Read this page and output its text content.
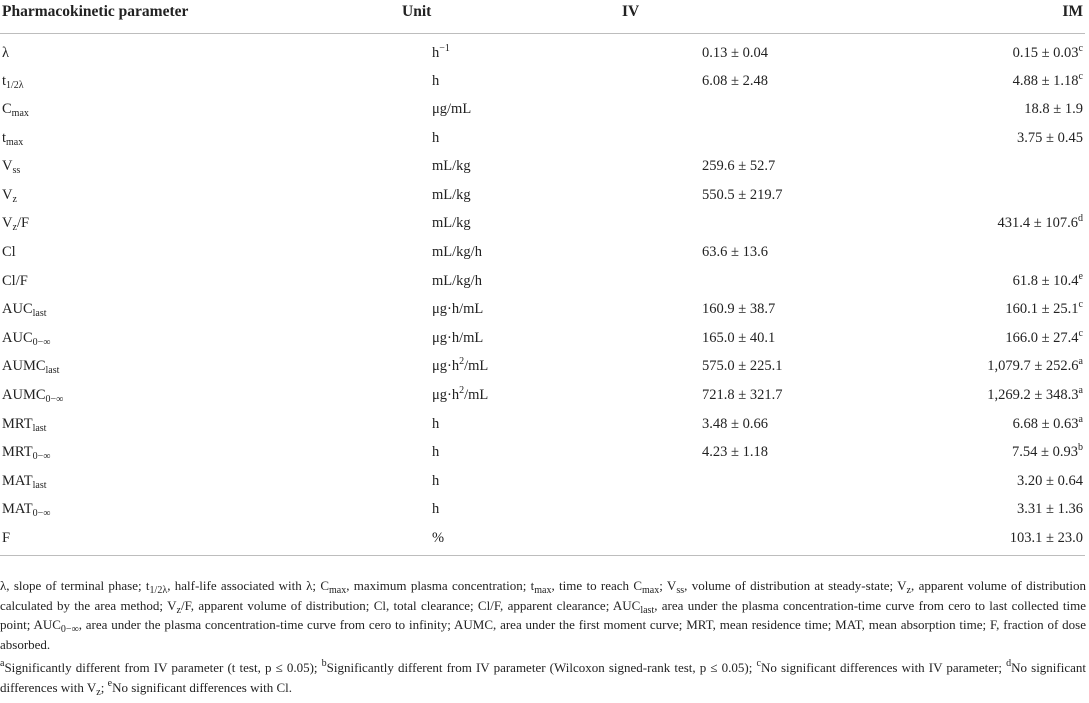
Pharmacokinetic parameter	Unit	IV	IM
λ	$h^{-1}$	0.13 ± 0.04	0.15 ± 0.03$^c$
$t_{1/2\lambda}$	h	6.08 ± 2.48	4.88 ± 1.18$^c$
$C_{max}$	μg/mL		18.8 ± 1.9
$t_{max}$	h		3.75 ± 0.45
$V_{ss}$	mL/kg	259.6 ± 52.7	
$V_z$	mL/kg	550.5 ± 219.7	
$V_z/F$	mL/kg		431.4 ± 107.6$^d$
Cl	mL/kg/h	63.6 ± 13.6	
Cl/F	mL/kg/h		61.8 ± 10.4$^e$
$AUC_{last}$	μg·h/mL	160.9 ± 38.7	160.1 ± 25.1$^c$
$AUC_{0-\infty}$	μg·h/mL	165.0 ± 40.1	166.0 ± 27.4$^c$
$AUMC_{last}$	$\mu g\cdot h^2/mL$	575.0 ± 225.1	1,079.7 ± 252.6$^a$
$AUMC_{0-\infty}$	$\mu g\cdot h^2/mL$	721.8 ± 321.7	1,269.2 ± 348.3$^a$
$MRT_{last}$	h	3.48 ± 0.66	6.68 ± 0.63$^a$
$MRT_{0-\infty}$	h	4.23 ± 1.18	7.54 ± 0.93$^b$
$MAT_{last}$	h		3.20 ± 0.64
$MAT_{0-\infty}$	h		3.31 ± 1.36
F	%		103.1 ± 23.0

λ, slope of terminal phase; $t_{1/2\lambda}$, half-life associated with λ; $C_{max}$, maximum plasma concentration; $t_{max}$, time to reach $C_{max}$; $V_{ss}$, volume of distribution at steady-state; $V_z$, apparent volume of distribution calculated by the area method; $V_z/F$, apparent volume of distribution; Cl, total clearance; Cl/F, apparent clearance; $AUC_{last}$, area under the plasma concentration-time curve from cero to last collected time point; $AUC_{0-\infty}$, area under the plasma concentration-time curve from cero to infinity; AUMC, area under the first moment curve; MRT, mean residence time; MAT, mean absorption time; F, fraction of dose absorbed.

$^a$Significantly different from IV parameter (t test, p ≤ 0.05); $^b$Significantly different from IV parameter (Wilcoxon signed-rank test, p ≤ 0.05); $^c$No significant differences with IV parameter; $^d$No significant differences with $V_z$; $^e$No significant differences with Cl.
